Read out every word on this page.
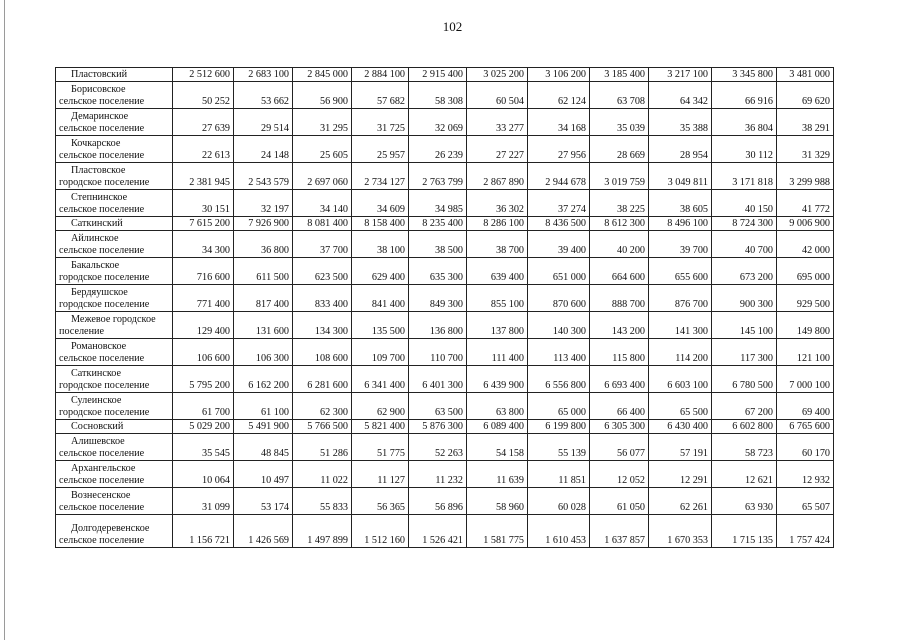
102
Пластовский	2 512 600	2 683 100	2 845 000	2 884 100	2 915 400	3 025 200	3 106 200	3 185 400	3 217 100	3 345 800	3 481 000

Борисовское
сельское поселение	50 252	53 662	56 900	57 682	58 308	60 504	62 124	63 708	64 342	66 916	69 620

Демаринское
сельское поселение	27 639	29 514	31 295	31 725	32 069	33 277	34 168	35 039	35 388	36 804	38 291

Кочкарское
сельское поселение	22 613	24 148	25 605	25 957	26 239	27 227	27 956	28 669	28 954	30 112	31 329

Пластовское
городское поселение	2 381 945	2 543 579	2 697 060	2 734 127	2 763 799	2 867 890	2 944 678	3 019 759	3 049 811	3 171 818	3 299 988

Степнинское
сельское поселение	30 151	32 197	34 140	34 609	34 985	36 302	37 274	38 225	38 605	40 150	41 772

Саткинский	7 615 200	7 926 900	8 081 400	8 158 400	8 235 400	8 286 100	8 436 500	8 612 300	8 496 100	8 724 300	9 006 900

Айлинское
сельское поселение	34 300	36 800	37 700	38 100	38 500	38 700	39 400	40 200	39 700	40 700	42 000

Бакальское
городское поселение	716 600	611 500	623 500	629 400	635 300	639 400	651 000	664 600	655 600	673 200	695 000

Бердяушское
городское поселение	771 400	817 400	833 400	841 400	849 300	855 100	870 600	888 700	876 700	900 300	929 500

Межевое городское
поселение	129 400	131 600	134 300	135 500	136 800	137 800	140 300	143 200	141 300	145 100	149 800

Романовское
сельское поселение	106 600	106 300	108 600	109 700	110 700	111 400	113 400	115 800	114 200	117 300	121 100

Саткинское
городское поселение	5 795 200	6 162 200	6 281 600	6 341 400	6 401 300	6 439 900	6 556 800	6 693 400	6 603 100	6 780 500	7 000 100

Сулеинское
городское поселение	61 700	61 100	62 300	62 900	63 500	63 800	65 000	66 400	65 500	67 200	69 400

Сосновский	5 029 200	5 491 900	5 766 500	5 821 400	5 876 300	6 089 400	6 199 800	6 305 300	6 430 400	6 602 800	6 765 600

Алишевское
сельское поселение	35 545	48 845	51 286	51 775	52 263	54 158	55 139	56 077	57 191	58 723	60 170

Архангельское
сельское поселение	10 064	10 497	11 022	11 127	11 232	11 639	11 851	12 052	12 291	12 621	12 932

Вознесенское
сельское поселение	31 099	53 174	55 833	56 365	56 896	58 960	60 028	61 050	62 261	63 930	65 507

Долгодеревенское
сельское поселение	1 156 721	1 426 569	1 497 899	1 512 160	1 526 421	1 581 775	1 610 453	1 637 857	1 670 353	1 715 135	1 757 424
